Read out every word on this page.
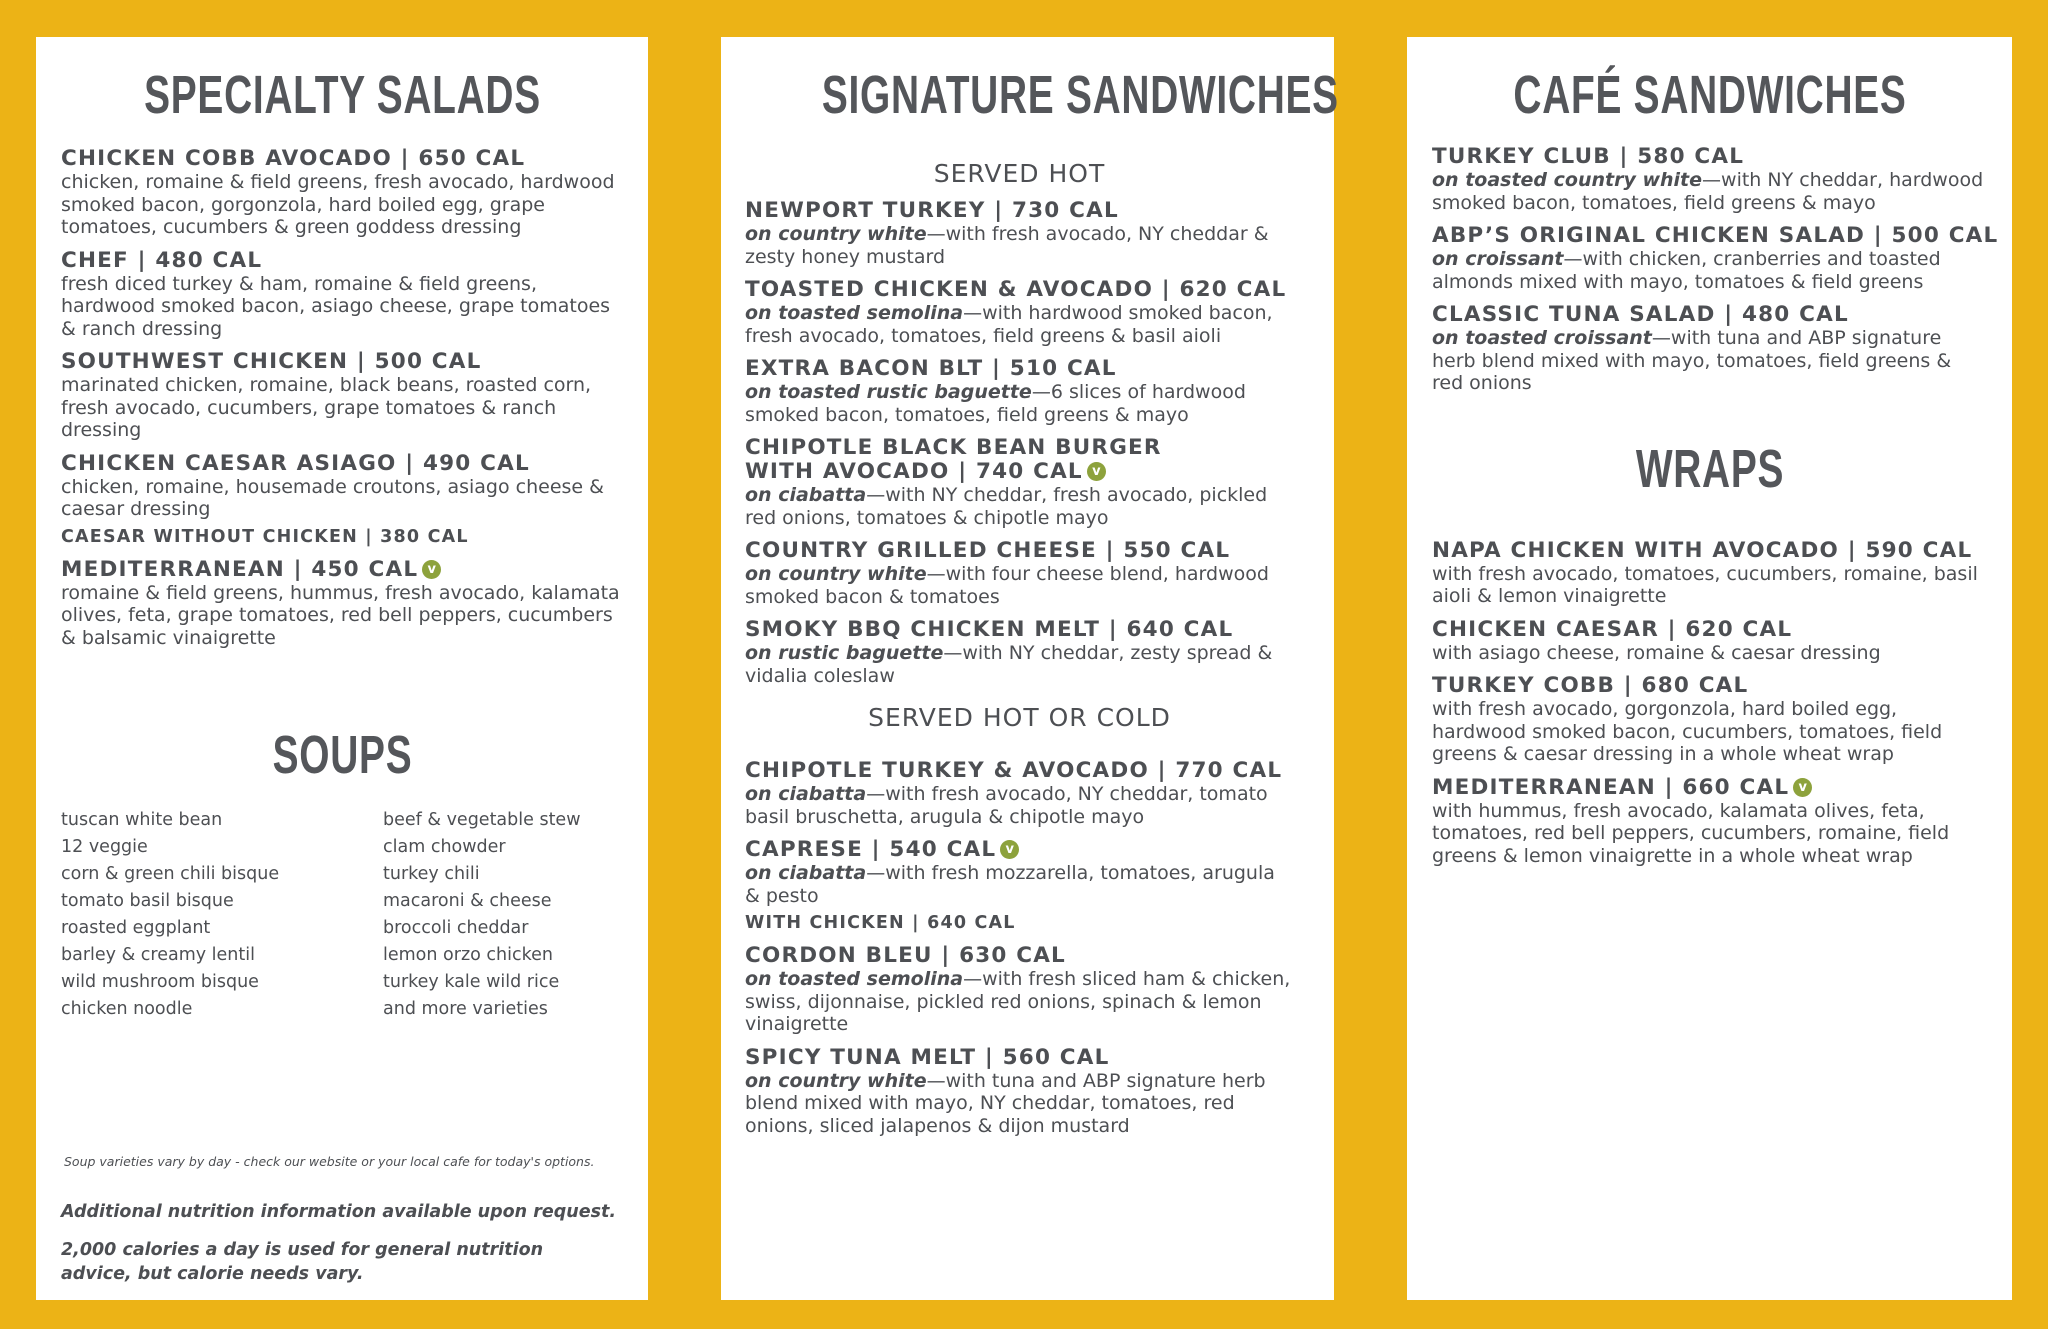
SPECIALTY SALADS
CHICKEN COBB AVOCADO | 650 CAL
chicken, romaine & field greens, fresh avocado, hardwood smoked bacon, gorgonzola, hard boiled egg, grape tomatoes, cucumbers & green goddess dressing
CHEF | 480 CAL
fresh diced turkey & ham, romaine & field greens, hardwood smoked bacon, asiago cheese, grape tomatoes & ranch dressing
SOUTHWEST CHICKEN | 500 CAL
marinated chicken, romaine, black beans, roasted corn, fresh avocado, cucumbers, grape tomatoes & ranch dressing
CHICKEN CAESAR ASIAGO | 490 CAL
chicken, romaine, housemade croutons, asiago cheese & caesar dressing
CAESAR WITHOUT CHICKEN | 380 CAL
MEDITERRANEAN | 450 CAL v
romaine & field greens, hummus, fresh avocado, kalamata olives, feta, grape tomatoes, red bell peppers, cucumbers & balsamic vinaigrette
SOUPS
tuscan white bean
12 veggie
corn & green chili bisque
tomato basil bisque
roasted eggplant
barley & creamy lentil
wild mushroom bisque
chicken noodle
beef & vegetable stew
clam chowder
turkey chili
macaroni & cheese
broccoli cheddar
lemon orzo chicken
turkey kale wild rice
and more varieties
Soup varieties vary by day - check our website or your local cafe for today's options.
Additional nutrition information available upon request.
2,000 calories a day is used for general nutrition advice, but calorie needs vary.
SIGNATURE SANDWICHES
SERVED HOT
NEWPORT TURKEY | 730 CAL
on country white—with fresh avocado, NY cheddar & zesty honey mustard
TOASTED CHICKEN & AVOCADO | 620 CAL
on toasted semolina—with hardwood smoked bacon, fresh avocado, tomatoes, field greens & basil aioli
EXTRA BACON BLT | 510 CAL
on toasted rustic baguette—6 slices of hardwood smoked bacon, tomatoes, field greens & mayo
CHIPOTLE BLACK BEAN BURGER
WITH AVOCADO | 740 CAL v
on ciabatta—with NY cheddar, fresh avocado, pickled red onions, tomatoes & chipotle mayo
COUNTRY GRILLED CHEESE | 550 CAL
on country white—with four cheese blend, hardwood smoked bacon & tomatoes
SMOKY BBQ CHICKEN MELT | 640 CAL
on rustic baguette—with NY cheddar, zesty spread & vidalia coleslaw
SERVED HOT OR COLD
CHIPOTLE TURKEY & AVOCADO | 770 CAL
on ciabatta—with fresh avocado, NY cheddar, tomato basil bruschetta, arugula & chipotle mayo
CAPRESE | 540 CAL v
on ciabatta—with fresh mozzarella, tomatoes, arugula & pesto
WITH CHICKEN | 640 CAL
CORDON BLEU | 630 CAL
on toasted semolina—with fresh sliced ham & chicken, swiss, dijonnaise, pickled red onions, spinach & lemon vinaigrette
SPICY TUNA MELT | 560 CAL
on country white—with tuna and ABP signature herb blend mixed with mayo, NY cheddar, tomatoes, red onions, sliced jalapenos & dijon mustard
CAFÉ SANDWICHES
TURKEY CLUB | 580 CAL
on toasted country white—with NY cheddar, hardwood smoked bacon, tomatoes, field greens & mayo
ABP’S ORIGINAL CHICKEN SALAD | 500 CAL
on croissant—with chicken, cranberries and toasted almonds mixed with mayo, tomatoes & field greens
CLASSIC TUNA SALAD | 480 CAL
on toasted croissant—with tuna and ABP signature herb blend mixed with mayo, tomatoes, field greens & red onions
WRAPS
NAPA CHICKEN WITH AVOCADO | 590 CAL
with fresh avocado, tomatoes, cucumbers, romaine, basil aioli & lemon vinaigrette
CHICKEN CAESAR | 620 CAL
with asiago cheese, romaine & caesar dressing
TURKEY COBB | 680 CAL
with fresh avocado, gorgonzola, hard boiled egg, hardwood smoked bacon, cucumbers, tomatoes, field greens & caesar dressing in a whole wheat wrap
MEDITERRANEAN | 660 CAL v
with hummus, fresh avocado, kalamata olives, feta, tomatoes, red bell peppers, cucumbers, romaine, field greens & lemon vinaigrette in a whole wheat wrap
